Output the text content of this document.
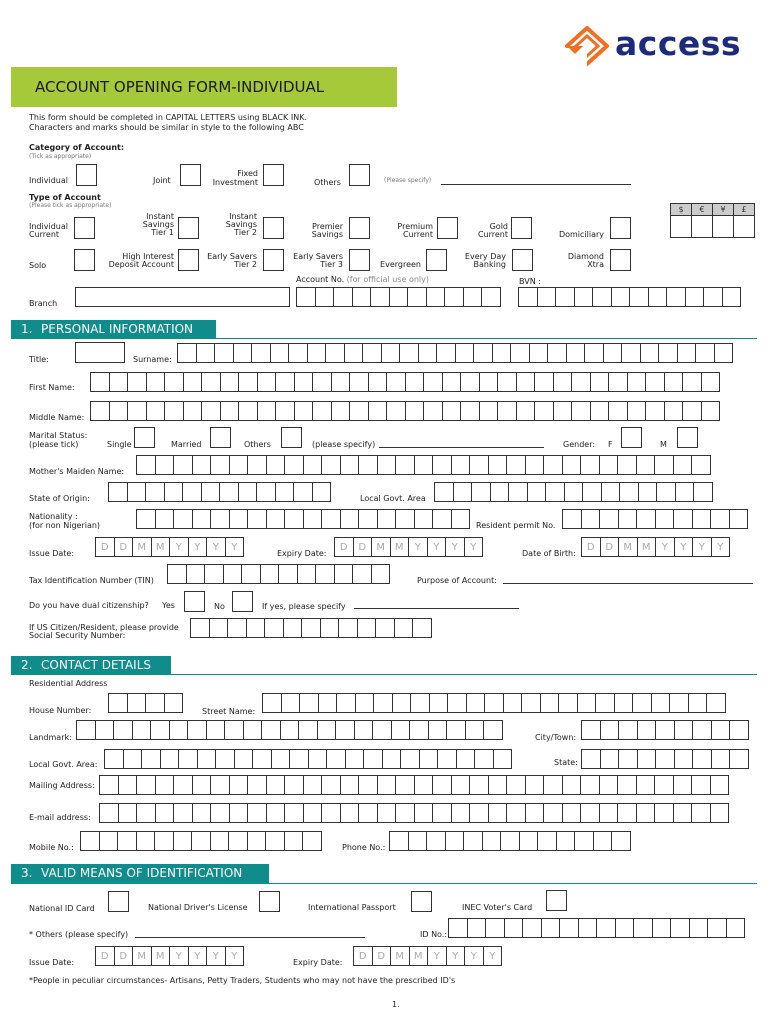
access
ACCOUNT OPENING FORM-INDIVIDUAL
This form should be completed in CAPITAL LETTERS using BLACK INK.
Characters and marks should be similar in style to the following ABC
Category of Account:
(Tick as appropriate)
Individual	Joint
Fixed
Investment	Others	(Please specify)
Type of Account
(Please tick as appropriate)
Individual
Current
Instant
Savings
Tier 1
Instant
Savings
Tier 2
Premier
Savings
Premium
Current
Gold
Current	Domiciliary
$	€	¥	£
Solo
High Interest
Deposit Account
Early Savers
Tier 2
Early Savers
Tier 3	Evergreen
Every Day
Banking
Diamond
Xtra
Account No. (for official use only)	BVN :
Branch
1. PERSONAL INFORMATION
Title:	Surname:
First Name:
Middle Name:
Marital Status:
(please tick)	Single	Married	Others	(please specify)	Gender: F	M
Mother's Maiden Name:
State of Origin:	Local Govt. Area
Nationality :
(for non Nigerian)	Resident permit No.
Issue Date:
D	D	M M	Y	Y	Y	Y
Expiry Date:
D	D	M M	Y	Y	Y	Y
Date of Birth:
D	D	M M	Y	Y	Y	Y
Tax Identification Number (TIN)	Purpose of Account:
Do you have dual citizenship? Yes	No	If yes, please specify
If US Citizen/Resident, please provide
Social Security Number:
2. CONTACT DETAILS
Residential Address
House Number:	Street Name:
Landmark:	City/Town:
Local Govt. Area:	State:
Mailing Address:
E-mail address:
Mobile No.:	Phone No.:
3. VALID MEANS OF IDENTIFICATION
National ID Card	National Driver's License	International Passport	INEC Voter's Card
* Others (please specify)	ID No.:
Issue Date:
D	D	M M	Y	Y	Y	Y
Expiry Date:
D	D	M M	Y	Y	Y	Y
*People in peculiar circumstances- Artisans, Petty Traders, Students who may not have the prescribed ID's
1.
